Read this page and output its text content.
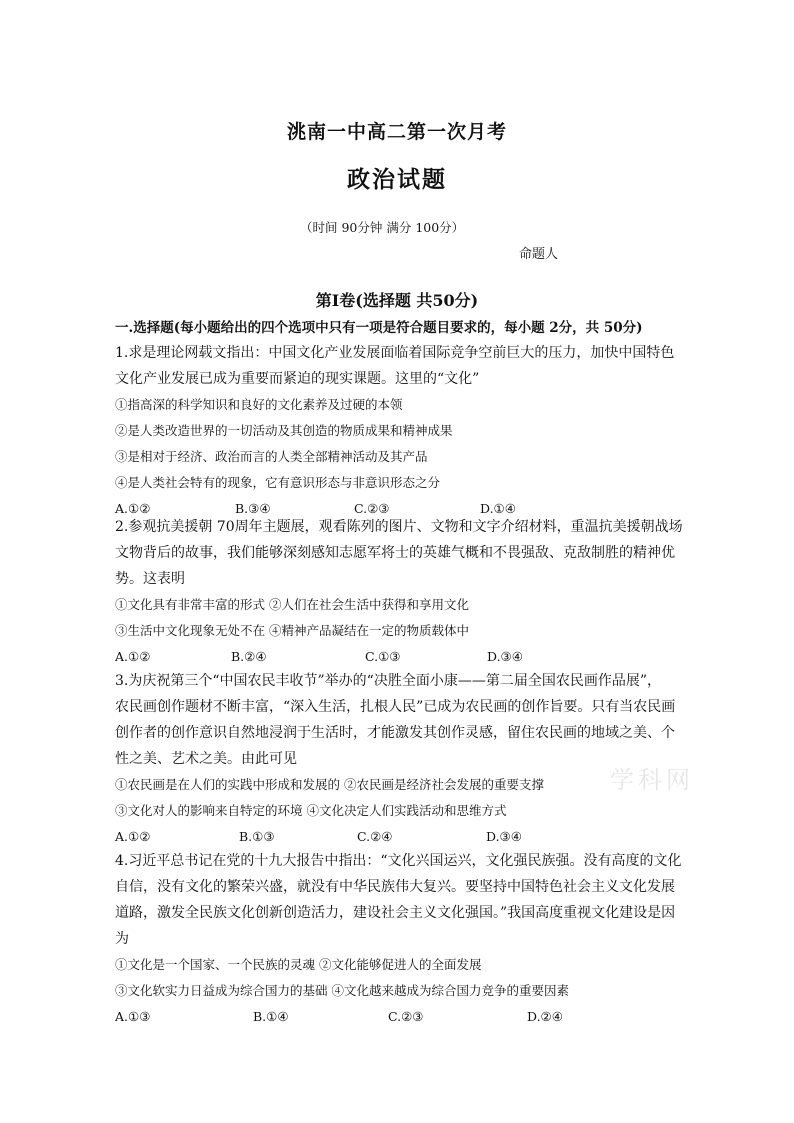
洮南一中高二第一次月考
政治试题
（时间 90分钟 满分 100分）
命题人
第Ⅰ卷(选择题 共50分)
一.选择题(每小题给出的四个选项中只有一项是符合题目要求的，每小题 2分，共 50分)
1.求是理论网载文指出：中国文化产业发展面临着国际竞争空前巨大的压力，加快中国特色
文化产业发展已成为重要而紧迫的现实课题。这里的“文化”
①指高深的科学知识和良好的文化素养及过硬的本领
②是人类改造世界的一切活动及其创造的物质成果和精神成果
③是相对于经济、政治而言的人类全部精神活动及其产品
④是人类社会特有的现象，它有意识形态与非意识形态之分
A.①②	B.③④	C.②③	D.①④
2.参观抗美援朝 70周年主题展，观看陈列的图片、文物和文字介绍材料，重温抗美援朝战场
文物背后的故事，我们能够深刻感知志愿军将士的英雄气概和不畏强敌、克敌制胜的精神优
势。这表明
①文化具有非常丰富的形式 ②人们在社会生活中获得和享用文化
③生活中文化现象无处不在 ④精神产品凝结在一定的物质载体中
A.①②	B.②④	C.①③	D.③④
3.为庆祝第三个“中国农民丰收节”举办的“决胜全面小康——第二届全国农民画作品展”，
农民画创作题材不断丰富，“深入生活，扎根人民”已成为农民画的创作旨要。只有当农民画
创作者的创作意识自然地浸润于生活时，才能激发其创作灵感，留住农民画的地域之美、个
性之美、艺术之美。由此可见
①农民画是在人们的实践中形成和发展的 ②农民画是经济社会发展的重要支撑
③文化对人的影响来自特定的环境 ④文化决定人们实践活动和思维方式
A.①②	B.①③	C.②④	D.③④
4.习近平总书记在党的十九大报告中指出：“文化兴国运兴，文化强民族强。没有高度的文化
自信，没有文化的繁荣兴盛，就没有中华民族伟大复兴。要坚持中国特色社会主义文化发展
道路，激发全民族文化创新创造活力，建设社会主义文化强国。”我国高度重视文化建设是因
为
①文化是一个国家、一个民族的灵魂 ②文化能够促进人的全面发展
③文化软实力日益成为综合国力的基础 ④文化越来越成为综合国力竞争的重要因素
A.①③	B.①④	C.②③	D.②④
学科网
